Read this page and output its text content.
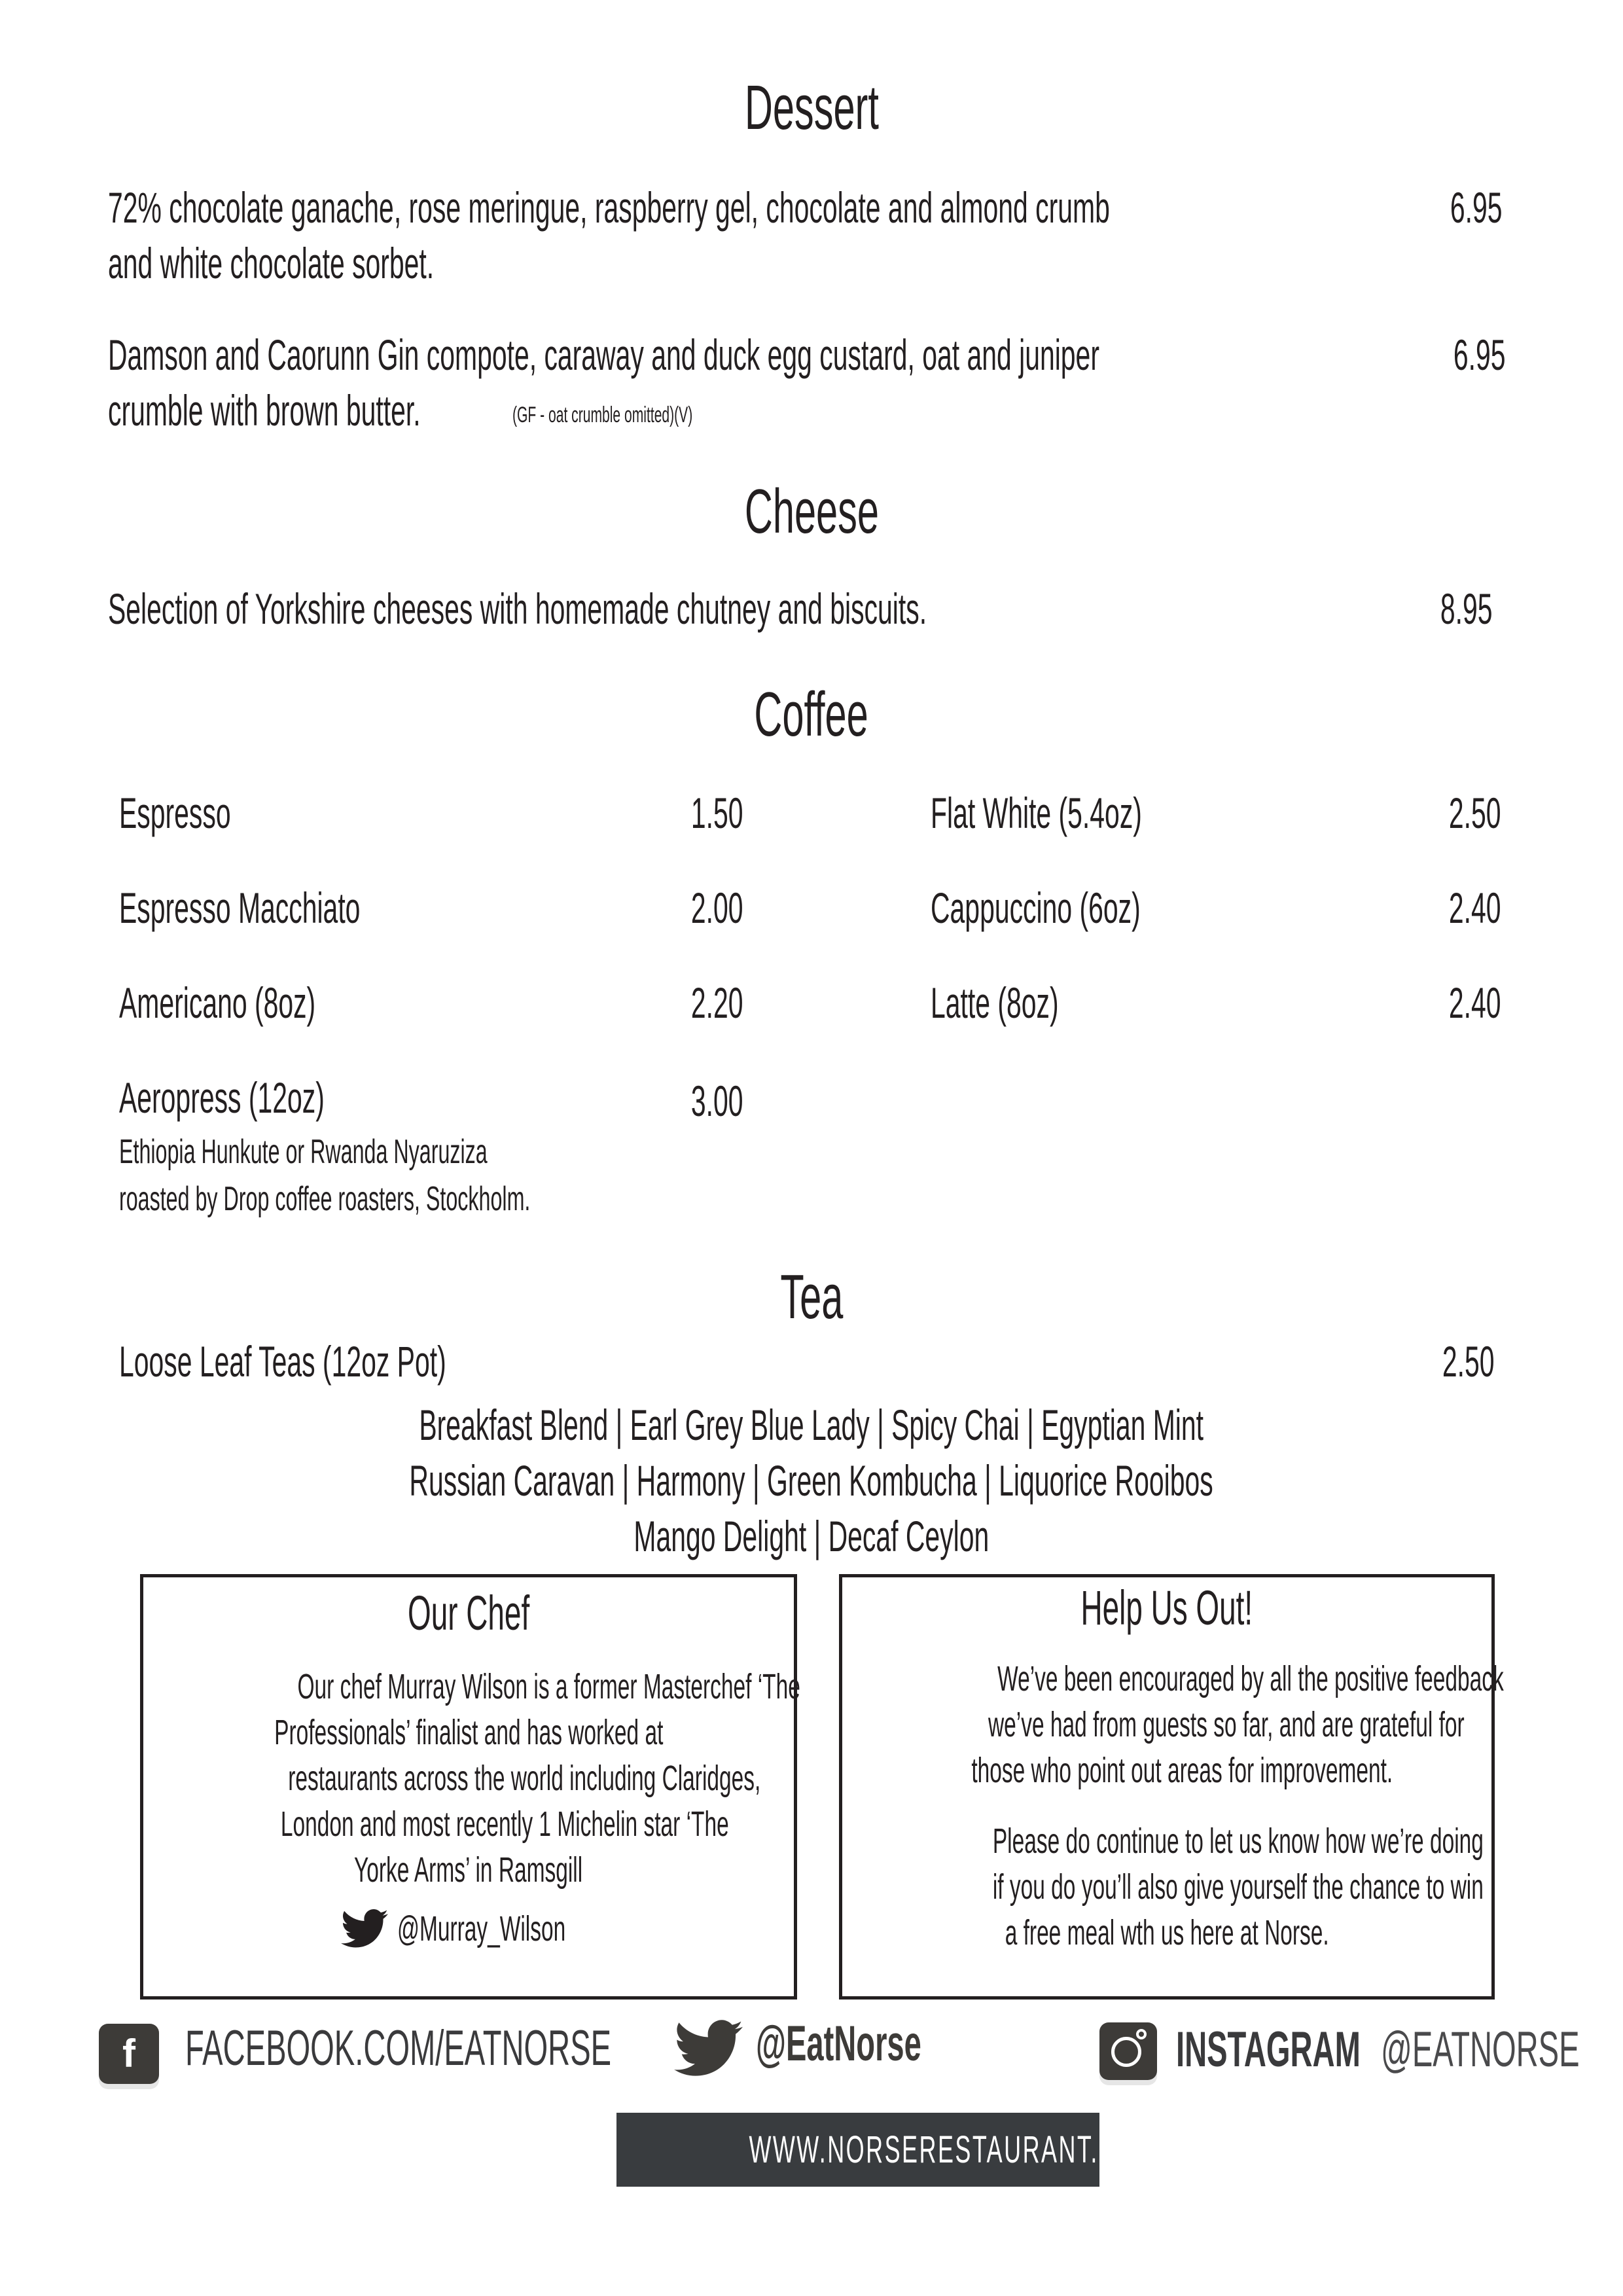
Dessert
72% chocolate ganache, rose meringue, raspberry gel, chocolate and almond crumb
and white chocolate sorbet.
6.95
Damson and Caorunn Gin compote, caraway and duck egg custard, oat and juniper
crumble with brown butter.	(GF - oat crumble omitted)(V)
6.95
Cheese
Selection of Yorkshire cheeses with homemade chutney and biscuits.	8.95
Coffee
Espresso	1.50
Espresso Macchiato	2.00
Americano (8oz)	2.20
Aeropress (12oz)	3.00
Ethiopia Hunkute or Rwanda Nyaruziza
roasted by Drop coffee roasters, Stockholm.
Flat White (5.4oz)	2.50
Cappuccino (6oz)	2.40
Latte (8oz)	2.40
Tea
Loose Leaf Teas (12oz Pot)	2.50
Breakfast Blend | Earl Grey Blue Lady | Spicy Chai | Egyptian Mint
Russian Caravan | Harmony | Green Kombucha | Liquorice Rooibos
Mango Delight | Decaf Ceylon
Our Chef
Our chef Murray Wilson is a former Masterchef ‘The
Professionals’ finalist and has worked at
restaurants across the world including Claridges,
London and most recently 1 Michelin star ‘The
Yorke Arms’ in Ramsgill
@Murray_Wilson
Help Us Out!
We’ve been encouraged by all the positive feedback
we’ve had from guests so far, and are grateful for
those who point out areas for improvement.
Please do continue to let us know how we’re doing
if you do you’ll also give yourself the chance to win
a free meal wth us here at Norse.
f	FACEBOOK.COM/EATNORSE	@EatNorse	INSTAGRAM @EATNORSE
WWW.NORSERESTAURANT.CO.UK
